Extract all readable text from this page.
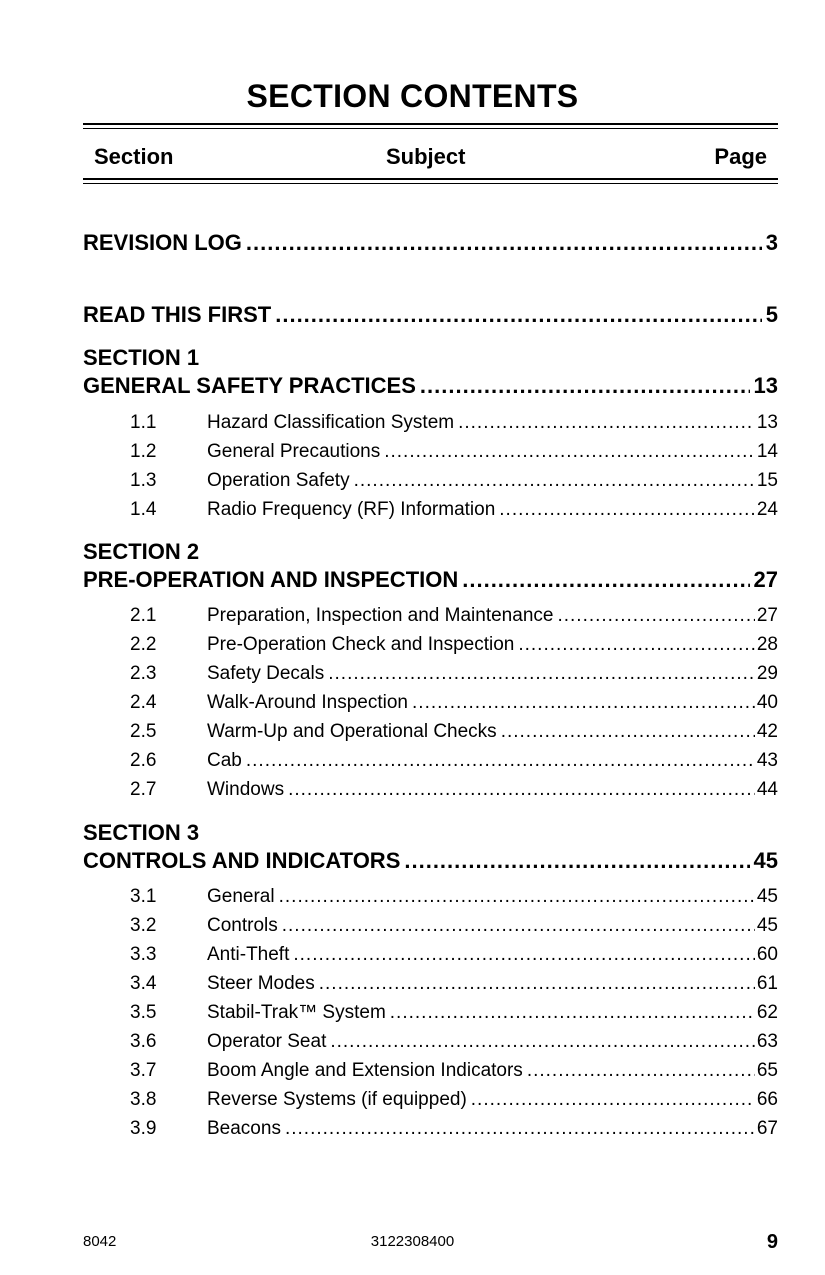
SECTION CONTENTS
Section	Subject	Page
REVISION LOG .....	3
READ THIS FIRST .....	5
SECTION 1
GENERAL SAFETY PRACTICES .....	13
1.1	Hazard Classification System .....	13
1.2	General Precautions .....	14
1.3	Operation Safety .....	15
1.4	Radio Frequency (RF) Information .....	24
SECTION 2
PRE-OPERATION AND INSPECTION .....	27
2.1	Preparation, Inspection and Maintenance .....	27
2.2	Pre-Operation Check and Inspection .....	28
2.3	Safety Decals .....	29
2.4	Walk-Around Inspection .....	40
2.5	Warm-Up and Operational Checks .....	42
2.6	Cab .....	43
2.7	Windows .....	44
SECTION 3
CONTROLS AND INDICATORS .....	45
3.1	General .....	45
3.2	Controls .....	45
3.3	Anti-Theft .....	60
3.4	Steer Modes .....	61
3.5	Stabil-Trak™ System .....	62
3.6	Operator Seat .....	63
3.7	Boom Angle and Extension Indicators .....	65
3.8	Reverse Systems (if equipped) .....	66
3.9	Beacons .....	67
8042	3122308400	9
